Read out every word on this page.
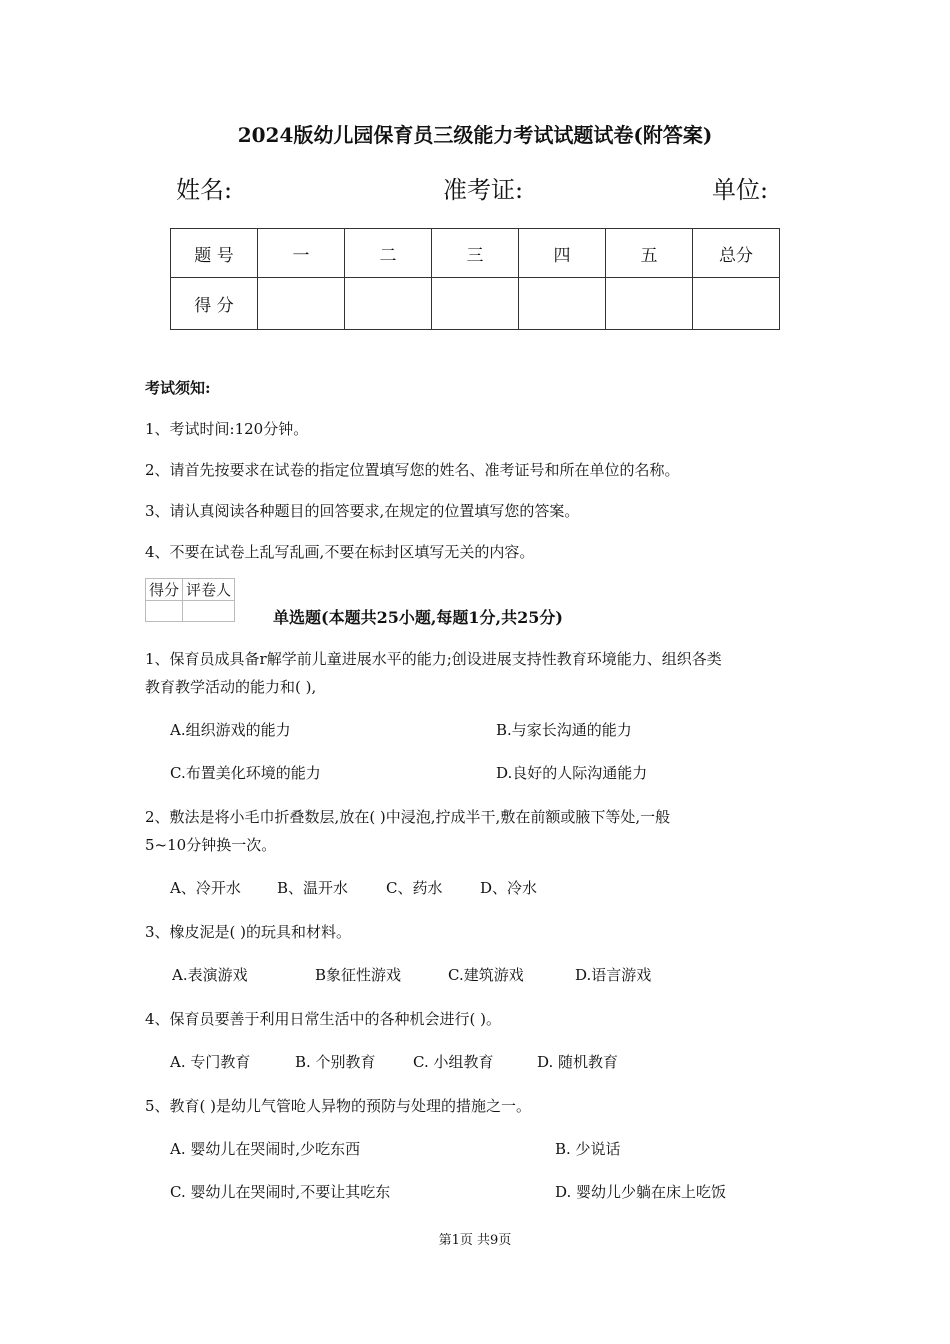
2024版幼儿园保育员三级能力考试试题试卷(附答案)
姓名:	准考证:	单位:
题 号	一	二	三	四	五	总分
得 分						
考试须知:
1、考试时间:120分钟。
2、请首先按要求在试卷的指定位置填写您的姓名、准考证号和所在单位的名称。
3、请认真阅读各种题目的回答要求,在规定的位置填写您的答案。
4、不要在试卷上乱写乱画,不要在标封区填写无关的内容。
得分	评卷人

单选题(本题共25小题,每题1分,共25分)
1、保育员成具备r解学前儿童进展水平的能力;创设进展支持性教育环境能力、组织各类
教育教学活动的能力和( ),
A.组织游戏的能力	B.与家长沟通的能力
C.布置美化环境的能力	D.良好的人际沟通能力
2、敷法是将小毛巾折叠数层,放在( )中浸泡,拧成半干,敷在前额或腋下等处,一般
5~10分钟换一次。
A、冷开水 B、温开水	C、药水	D、冷水
3、橡皮泥是( )的玩具和材料。
A.表演游戏	B象征性游戏	C.建筑游戏	D.语言游戏
4、保育员要善于利用日常生活中的各种机会进行( )。
A. 专门教育	B. 个别教育 C. 小组教育	D. 随机教育
5、教育( )是幼儿气管呛人异物的预防与处理的措施之一。
A. 婴幼儿在哭闹时,少吃东西	B. 少说话
C. 婴幼儿在哭闹时,不要让其吃东	D. 婴幼儿少躺在床上吃饭
第1页 共9页
